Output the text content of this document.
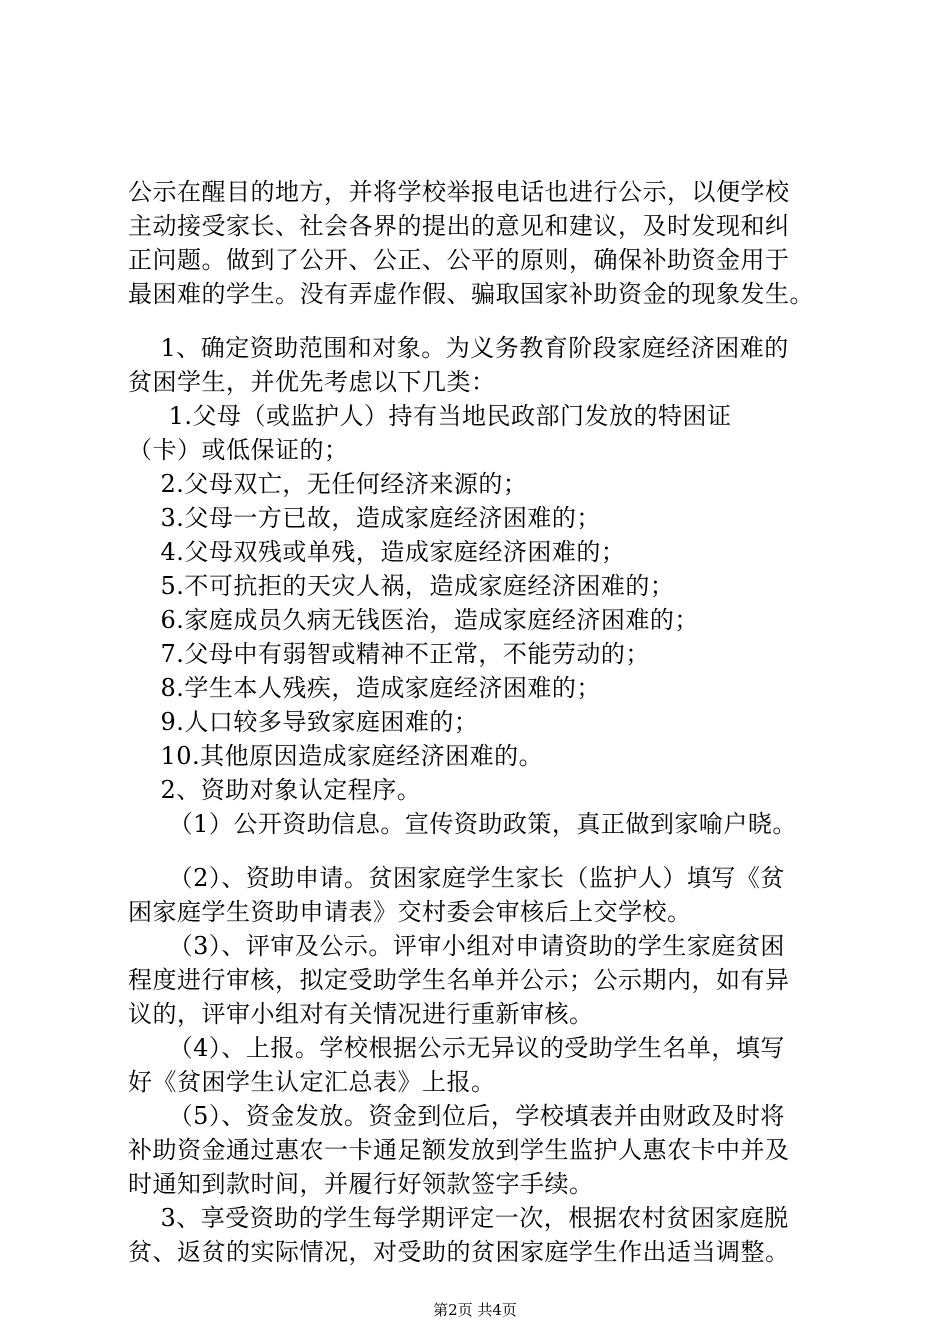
公示在醒目的地方，并将学校举报电话也进行公示，以便学校
主动接受家长、社会各界的提出的意见和建议，及时发现和纠
正问题。做到了公开、公正、公平的原则，确保补助资金用于
最困难的学生。没有弄虚作假、骗取国家补助资金的现象发生。
1、确定资助范围和对象。为义务教育阶段家庭经济困难的
贫困学生，并优先考虑以下几类：
1.父母（或监护人）持有当地民政部门发放的特困证
（卡）或低保证的；
2.父母双亡，无任何经济来源的；
3.父母一方已故，造成家庭经济困难的；
4.父母双残或单残，造成家庭经济困难的；
5.不可抗拒的天灾人祸，造成家庭经济困难的；
6.家庭成员久病无钱医治，造成家庭经济困难的；
7.父母中有弱智或精神不正常，不能劳动的；
8.学生本人残疾，造成家庭经济困难的；
9.人口较多导致家庭困难的；
10.其他原因造成家庭经济困难的。
2、资助对象认定程序。
（1）公开资助信息。宣传资助政策，真正做到家喻户晓。
（2）、资助申请。贫困家庭学生家长（监护人）填写《贫
困家庭学生资助申请表》交村委会审核后上交学校。
（3）、评审及公示。评审小组对申请资助的学生家庭贫困
程度进行审核，拟定受助学生名单并公示；公示期内，如有异
议的，评审小组对有关情况进行重新审核。
（4）、上报。学校根据公示无异议的受助学生名单，填写
好《贫困学生认定汇总表》上报。
（5）、资金发放。资金到位后，学校填表并由财政及时将
补助资金通过惠农一卡通足额发放到学生监护人惠农卡中并及
时通知到款时间，并履行好领款签字手续。
3、享受资助的学生每学期评定一次，根据农村贫困家庭脱
贫、返贫的实际情况，对受助的贫困家庭学生作出适当调整。
第2页 共4页
